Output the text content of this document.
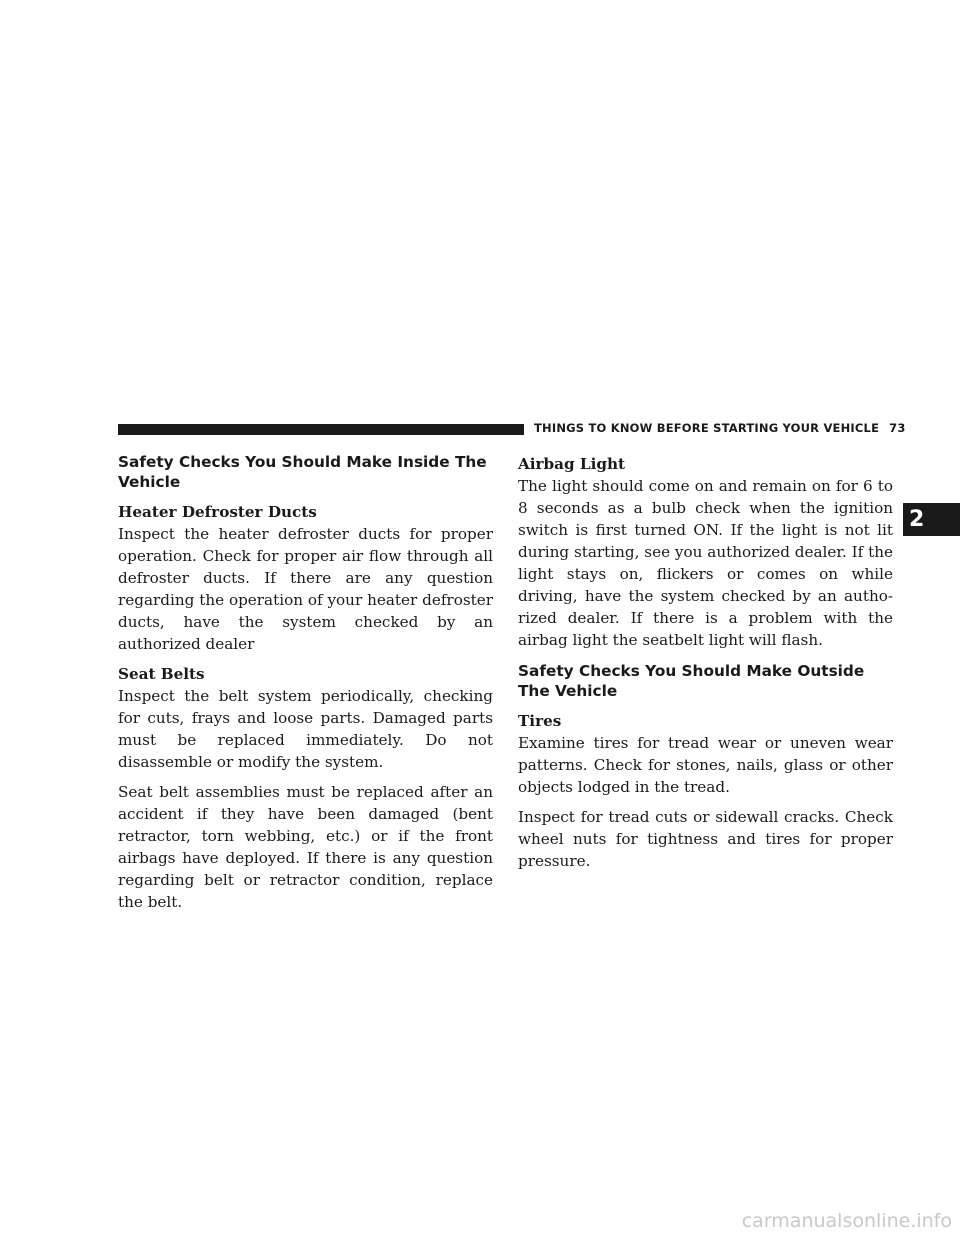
THINGS TO KNOW BEFORE STARTING YOUR VEHICLE 73
Safety Checks You Should Make Inside The Vehicle
Heater Defroster Ducts

Inspect the heater defroster ducts for proper operation. Check for proper air flow through all defroster ducts. If there are any question regarding the operation of your heater defroster ducts, have the system checked by an authorized dealer

Seat Belts

Inspect the belt system periodically, checking for cuts, frays and loose parts. Damaged parts must be replaced immediately. Do not disassemble or modify the system.

Seat belt assemblies must be replaced after an accident if they have been damaged (bent retractor, torn webbing, etc.) or if the front airbags have deployed. If there is any question regarding belt or retractor condition, replace the belt.

Airbag Light

The light should come on and remain on for 6 to 8 seconds as a bulb check when the ignition switch is first turned ON. If the light is not lit during starting, see you authorized dealer. If the light stays on, flickers or comes on while driving, have the system checked by an autho-rized dealer. If there is a problem with the airbag light the seatbelt light will flash.

Safety Checks You Should Make Outside The Vehicle
Tires

Examine tires for tread wear or uneven wear patterns. Check for stones, nails, glass or other objects lodged in the tread.

Inspect for tread cuts or sidewall cracks. Check wheel nuts for tightness and tires for proper pressure.

2
carmanualsonline.info
